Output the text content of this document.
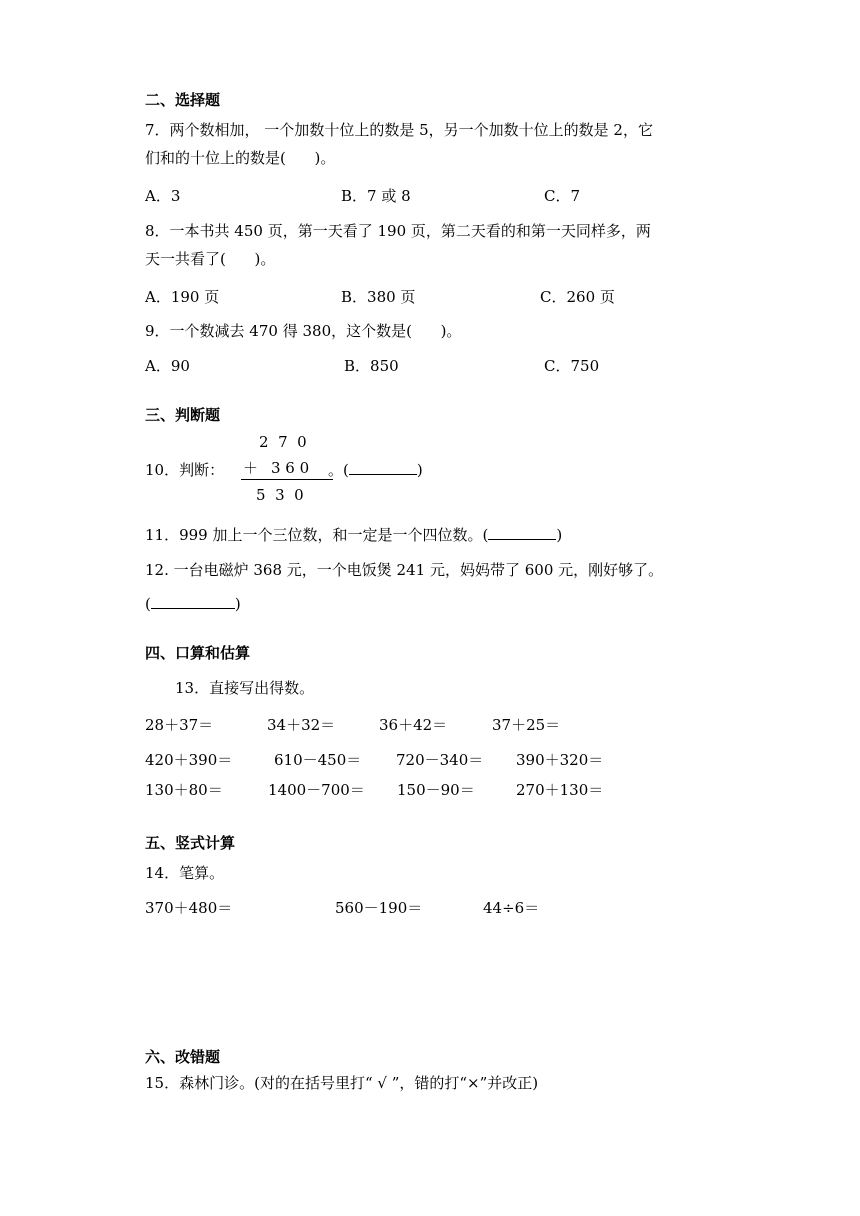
二、选择题
7．两个数相加， 一个加数十位上的数是 5，另一个加数十位上的数是 2，它
们和的十位上的数是(      )。
A．3	B．7 或 8	C．7
8．一本书共 450 页，第一天看了 190 页，第二天看的和第一天同样多，两
天一共看了(      )。
A．190 页	B．380 页	C．260 页
9．一个数减去 470 得 380，这个数是(      )。
A．90	B．850	C．750
三、判断题
2  7  0
10．判断： ＋ 3 6 0 。(	)
5  3  0
11．999 加上一个三位数，和一定是一个四位数。(	)
12. 一台电磁炉 368 元，一个电饭煲 241 元，妈妈带了 600 元，刚好够了。
(	)
四、口算和估算
13．直接写出得数。
28＋37＝	34＋32＝	36＋42＝	37＋25＝
420＋390＝	610－450＝ 720－340＝ 390＋320＝
130＋80＝	1400－700＝ 150－90＝	270＋130＝
五、竖式计算
14．笔算。
370＋480＝	560－190＝	44÷6＝
六、改错题
15．森林门诊。(对的在括号里打“ √ ”，错的打“×”并改正)
